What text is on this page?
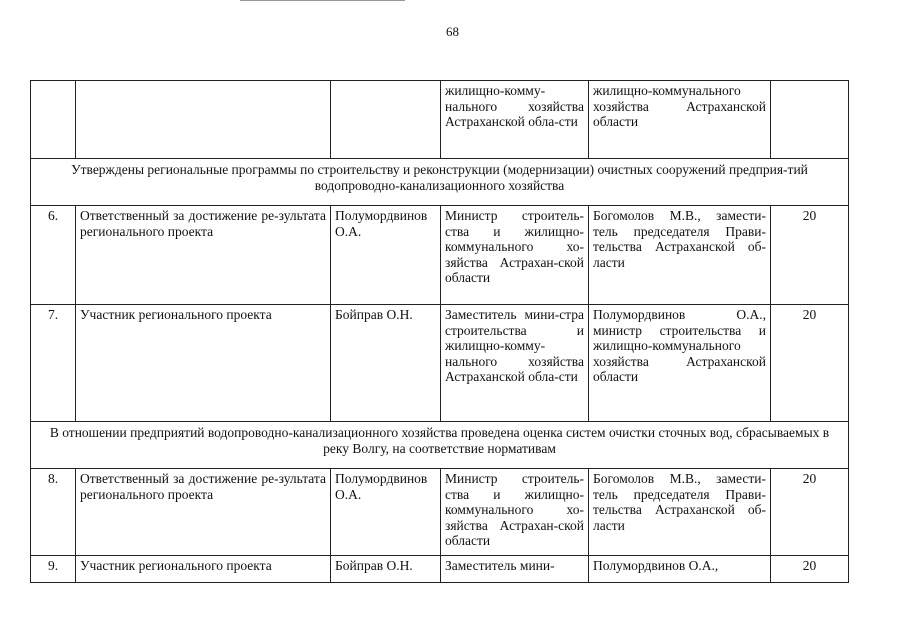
68
			жилищно-комму-нального хозяйства Астраханской обла-сти	жилищно-коммунального хозяйства Астраханской области	
Утверждены региональные программы по строительству и реконструкции (модернизации) очистных сооружений предприя-тий водопроводно-канализационного хозяйства					
6.	Ответственный за достижение ре-зультата регионального проекта	Полумордвинов О.А.	Министр строитель-ства и жилищно-коммунального хо-зяйства Астрахан-ской области	Богомолов М.В., замести-тель председателя Прави-тельства Астраханской об-ласти	20
7.	Участник регионального проекта	Бойправ О.Н.	Заместитель мини-стра строительства и жилищно-комму-нального хозяйства Астраханской обла-сти	Полумордвинов О.А., министр строительства и жилищно-коммунального хозяйства Астраханской области	20
В отношении предприятий водопроводно-канализационного хозяйства проведена оценка систем очистки сточных вод, сбрасываемых в реку Волгу, на соответствие нормативам					
8.	Ответственный за достижение ре-зультата регионального проекта	Полумордвинов О.А.	Министр строитель-ства и жилищно-коммунального хо-зяйства Астрахан-ской области	Богомолов М.В., замести-тель председателя Прави-тельства Астраханской об-ласти	20
9.	Участник регионального проекта	Бойправ О.Н.	Заместитель мини-	Полумордвинов О.А.,	20
